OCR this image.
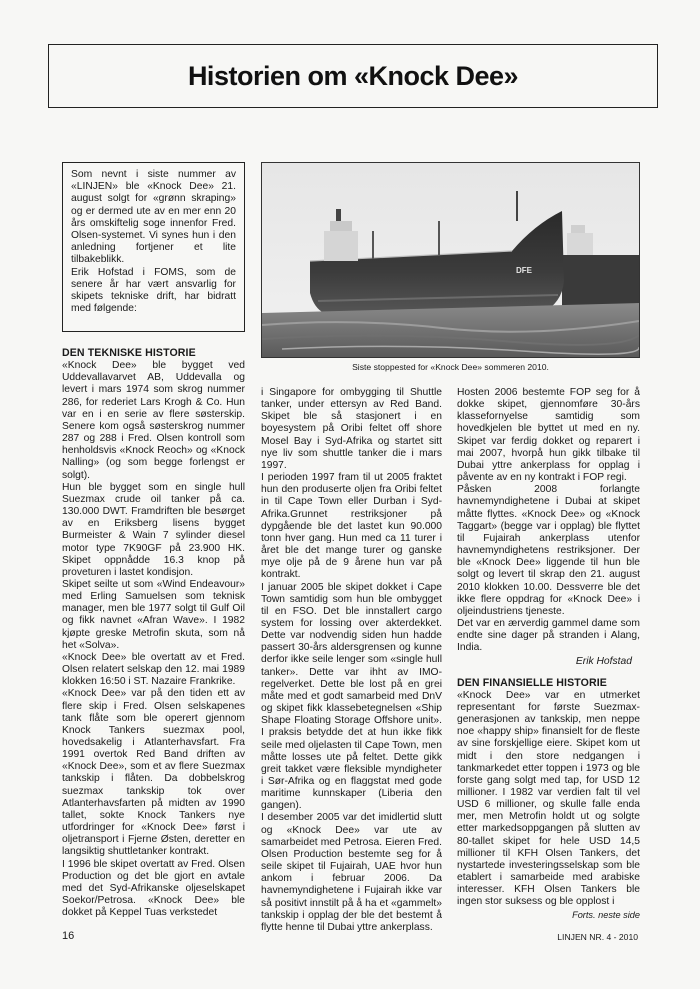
Historien om «Knock Dee»

Som nevnt i siste nummer av «LINJEN» ble «Knock Dee» 21. august solgt for «grønn skraping» og er dermed ute av en mer enn 20 års omskiftelig soge innenfor Fred. Olsen-systemet. Vi synes hun i den anledning fortjener et lite tilbakeblikk.

Erik Hofstad i FOMS, som de senere år har vært ansvarlig for skipets tekniske drift, har bidratt med følgende:

DFE
Siste stoppested for «Knock Dee» sommeren 2010.
DEN TEKNISKE HISTORIE

«Knock Dee» ble bygget ved Uddevallavarvet AB, Uddevalla og levert i mars 1974 som skrog nummer 286, for rederiet Lars Krogh & Co. Hun var en i en serie av flere søsterskip. Senere kom også søsterskrog nummer 287 og 288 i Fred. Olsen kontroll som henholdsvis «Knock Reoch» og «Knock Nalling» (og som begge forlengst er solgt).

Hun ble bygget som en single hull Suezmax crude oil tanker på ca. 130.000 DWT. Framdriften ble besørget av en Eriksberg lisens bygget Burmeister & Wain 7 sylinder diesel motor type 7K90GF på 23.900 HK. Skipet oppnådde 16.3 knop på proveturen i lastet kondisjon.

Skipet seilte ut som «Wind Endeavour» med Erling Samuelsen som teknisk manager, men ble 1977 solgt til Gulf Oil og fikk navnet «Afran Wave». I 1982 kjøpte greske Metrofin skuta, som nå het «Solva».

«Knock Dee» ble overtatt av et Fred. Olsen relatert selskap den 12. mai 1989 klokken 16:50 i ST. Nazaire Frankrike.

«Knock Dee» var på den tiden ett av flere skip i Fred. Olsen selskapenes tank flåte som ble operert gjennom Knock Tankers suezmax pool, hovedsakelig i Atlanterhavsfart. Fra 1991 overtok Red Band driften av «Knock Dee», som et av flere Suezmax tankskip i flåten. Da dobbelskrog suezmax tankskip tok over Atlanterhavsfarten på midten av 1990 tallet, sokte Knock Tankers nye utfordringer for «Knock Dee» først i oljetransport i Fjerne Østen, deretter en langsiktig shuttletanker kontrakt.

I 1996 ble skipet overtatt av Fred. Olsen Production og det ble gjort en avtale med det Syd-Afrikanske oljeselskapet Soekor/Petrosa. «Knock Dee» ble dokket på Keppel Tuas verkstedet

i Singapore for ombygging til Shuttle tanker, under ettersyn av Red Band. Skipet ble så stasjonert i en boyesystem på Oribi feltet off shore Mosel Bay i Syd-Afrika og startet sitt nye liv som shuttle tanker die i mars 1997.

I perioden 1997 fram til ut 2005 fraktet hun den produserte oljen fra Oribi feltet in til Cape Town eller Durban i Syd-Afrika.Grunnet restriksjoner på dypgående ble det lastet kun 90.000 tonn hver gang. Hun med ca 11 turer i året ble det mange turer og ganske mye olje på de 9 årene hun var på kontrakt.

I januar 2005 ble skipet dokket i Cape Town samtidig som hun ble ombygget til en FSO. Det ble innstallert cargo system for lossing over akterdekket. Dette var nodvendig siden hun hadde passert 30-års aldersgrensen og kunne derfor ikke seile lenger som «single hull tanker». Dette var ihht av IMO-regelverket. Dette ble lost på en grei måte med et godt samarbeid med DnV og skipet fikk klassebetegnelsen «Ship Shape Floating Storage Offshore unit». I praksis betydde det at hun ikke fikk seile med oljelasten til Cape Town, men måtte losses ute på feltet. Dette gikk greit takket være fleksible myndigheter i Sør-Afrika og en flaggstat med gode maritime kunnskaper (Liberia den gangen).

I desember 2005 var det imidlertid slutt og «Knock Dee» var ute av samarbeidet med Petrosa. Eieren Fred. Olsen Production bestemte seg for å seile skipet til Fujairah, UAE hvor hun ankom i februar 2006. Da havnemyndighetene i Fujairah ikke var så positivt innstilt på å ha et «gammelt» tankskip i opplag der ble det bestemt å flytte henne til Dubai yttre ankerplass.

Hosten 2006 bestemte FOP seg for å dokke skipet, gjennomføre 30-års klassefornyelse samtidig som hovedkjelen ble byttet ut med en ny. Skipet var ferdig dokket og reparert i mai 2007, hvorpå hun gikk tilbake til Dubai yttre ankerplass for opplag i påvente av en ny kontrakt i FOP regi.

Påsken 2008 forlangte havnemyndighetene i Dubai at skipet måtte flyttes. «Knock Dee» og «Knock Taggart» (begge var i opplag) ble flyttet til Fujairah ankerplass utenfor havnemyndighetens restriksjoner. Der ble «Knock Dee» liggende til hun ble solgt og levert til skrap den 21. august 2010 klokken 10.00. Dessverre ble det ikke flere oppdrag for «Knock Dee» i oljeindustriens tjeneste.

Det var en ærverdig gammel dame som endte sine dager på stranden i Alang, India.

Erik Hofstad

DEN FINANSIELLE HISTORIE

«Knock Dee» var en utmerket representant for første Suezmax-generasjonen av tankskip, men neppe noe «happy ship» finansielt for de fleste av sine forskjellige eiere. Skipet kom ut midt i den store nedgangen i tankmarkedet etter toppen i 1973 og ble forste gang solgt med tap, for USD 12 millioner. I 1982 var verdien falt til vel USD 6 millioner, og skulle falle enda mer, men Metrofin holdt ut og solgte etter markedsoppgangen på slutten av 80-tallet skipet for hele USD 14,5 millioner til KFH Olsen Tankers, det nystartede investeringsselskap som ble etablert i samarbeide med arabiske interesser. KFH Olsen Tankers ble ingen stor suksess og ble opplost i

Forts. neste side

16	LINJEN NR. 4 - 2010
